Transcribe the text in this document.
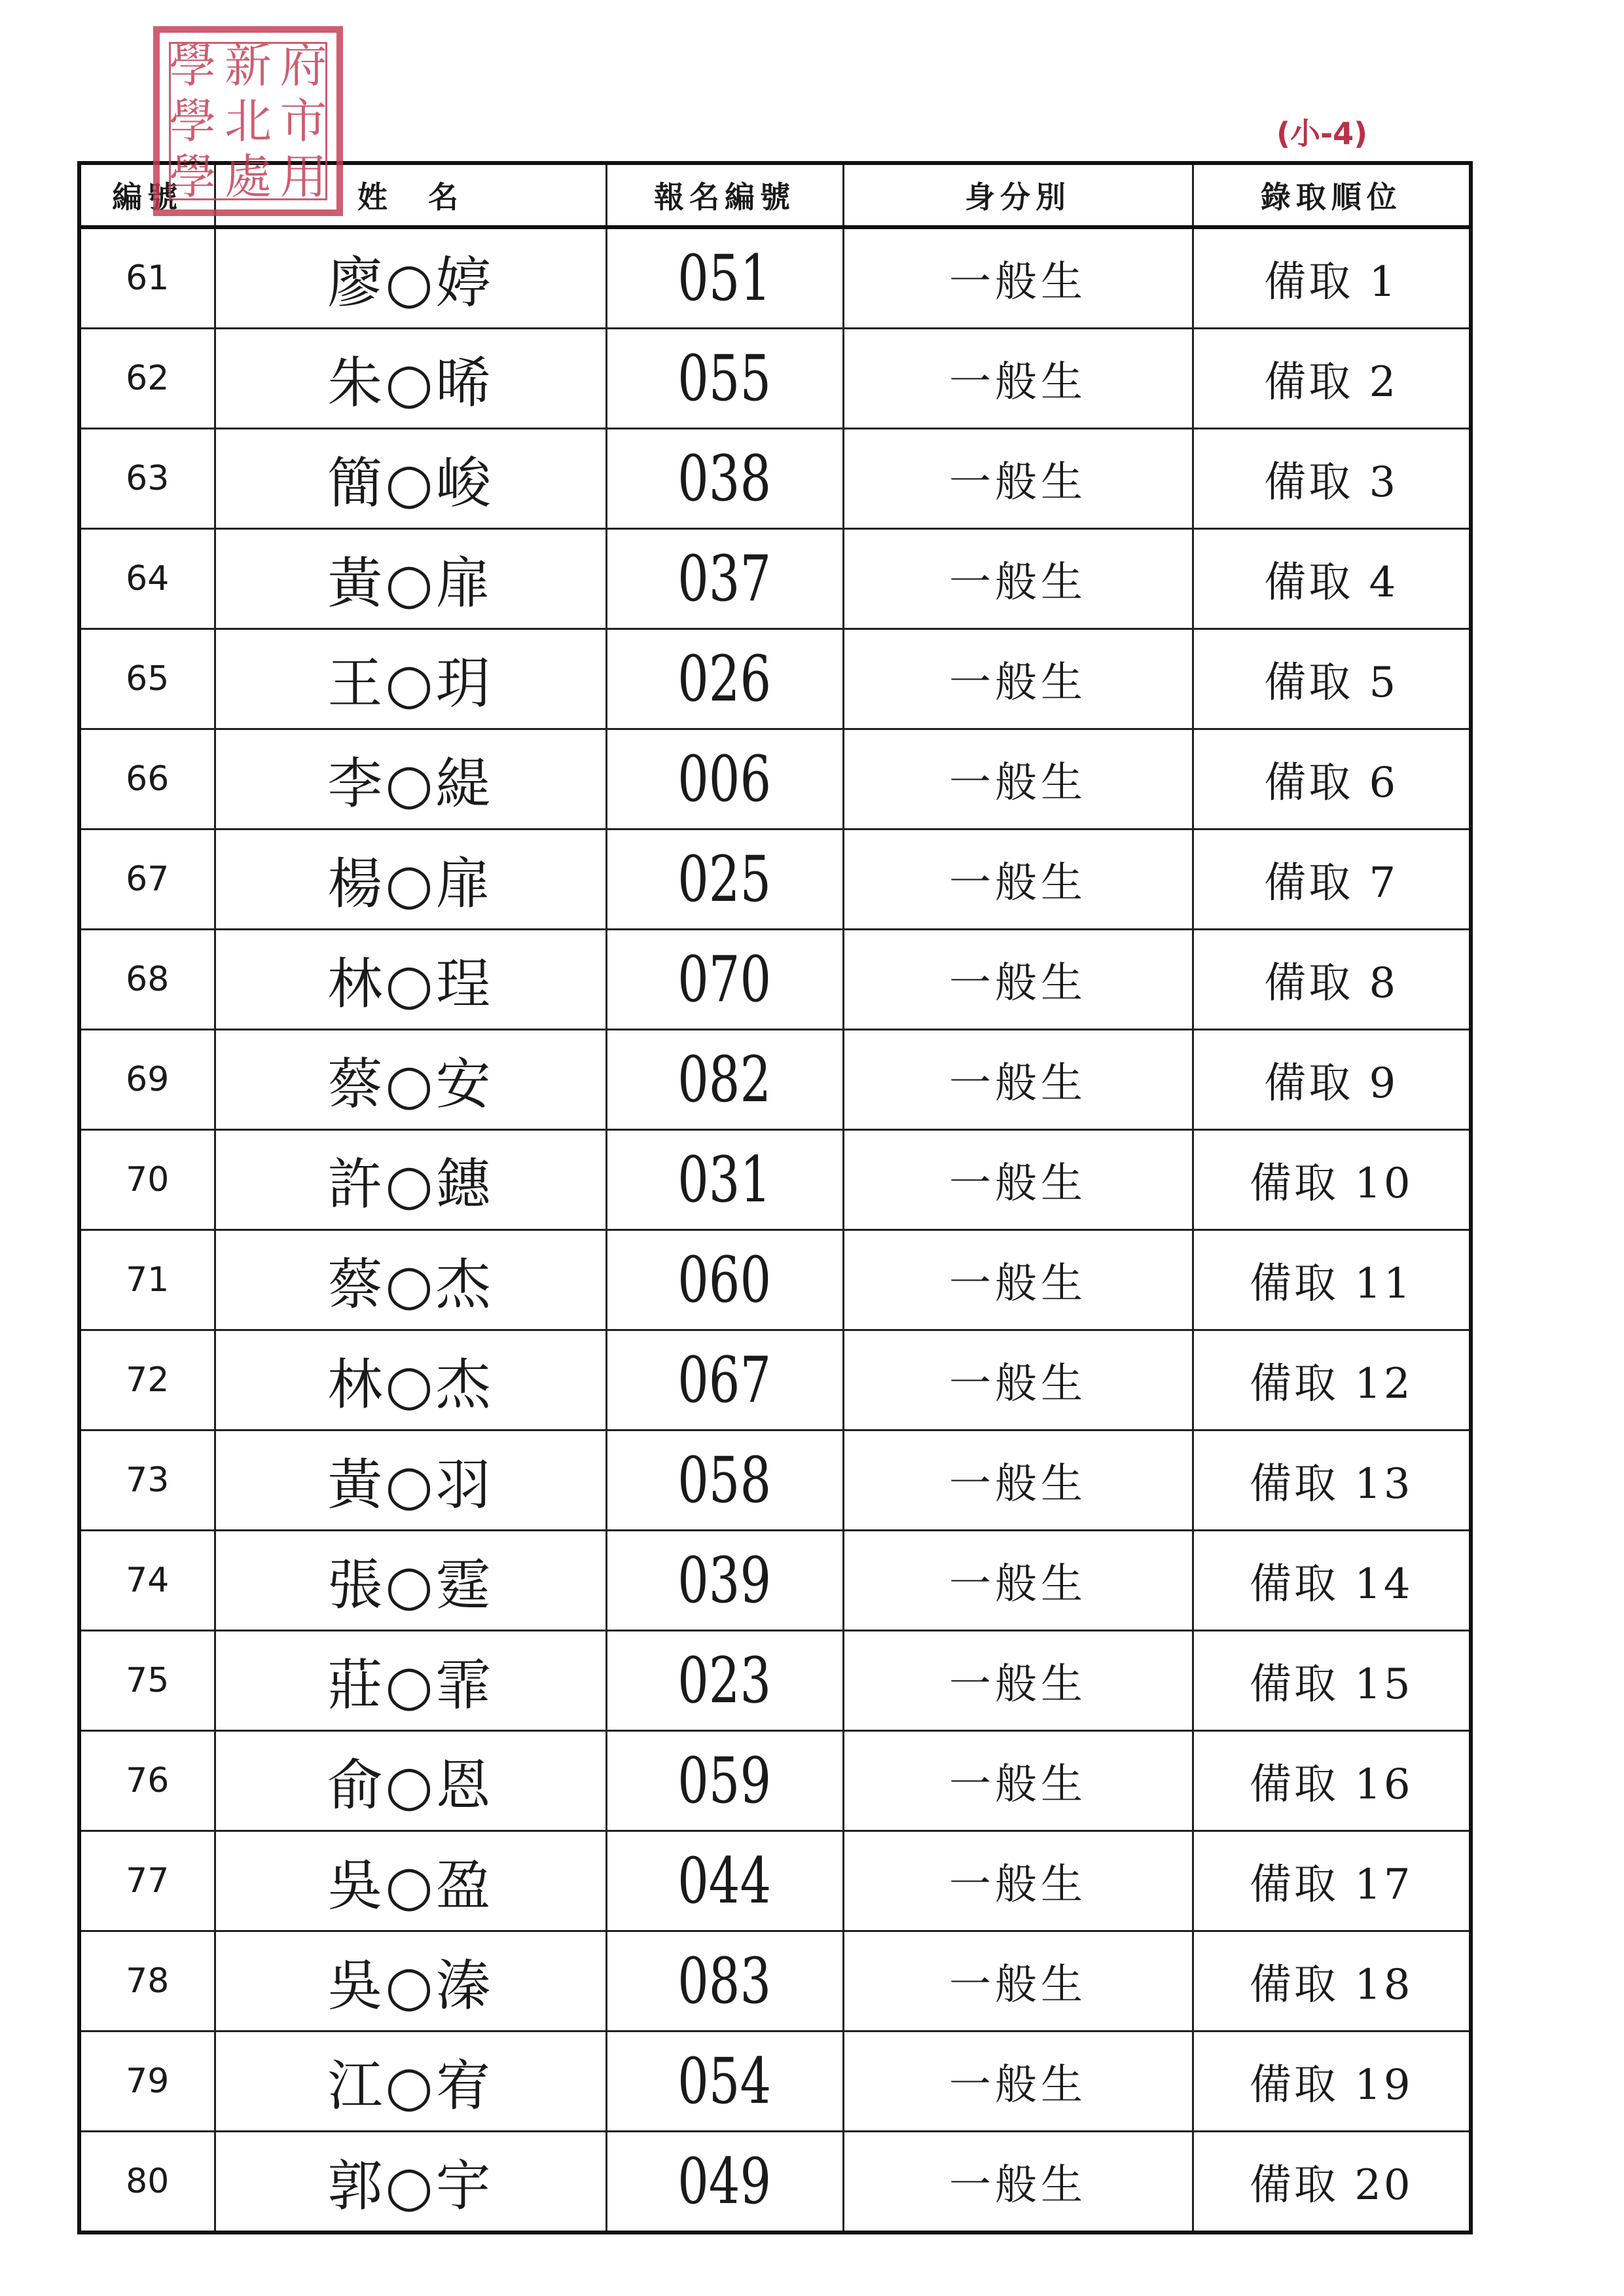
(小-4)
編號	姓　名	報名編號	身分別	錄取順位
61	廖○婷	051	一般生	備取 1
62	朱○晞	055	一般生	備取 2
63	簡○峻	038	一般生	備取 3
64	黃○扉	037	一般生	備取 4
65	王○玥	026	一般生	備取 5
66	李○緹	006	一般生	備取 6
67	楊○扉	025	一般生	備取 7
68	林○珵	070	一般生	備取 8
69	蔡○安	082	一般生	備取 9
70	許○鏸	031	一般生	備取 10
71	蔡○杰	060	一般生	備取 11
72	林○杰	067	一般生	備取 12
73	黃○羽	058	一般生	備取 13
74	張○霆	039	一般生	備取 14
75	莊○霏	023	一般生	備取 15
76	俞○恩	059	一般生	備取 16
77	吳○盈	044	一般生	備取 17
78	吳○溱	083	一般生	備取 18
79	江○宥	054	一般生	備取 19
80	郭○宇	049	一般生	備取 20
學 新 府
學 北 市
學 處 用
